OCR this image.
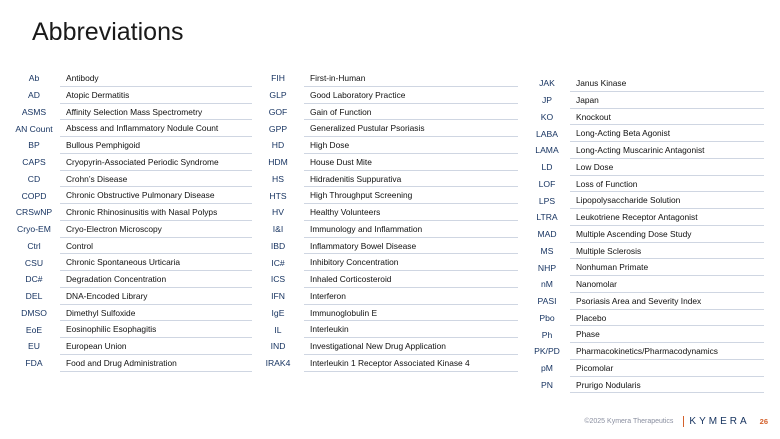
Abbreviations
Ab	Antibody
AD	Atopic Dermatitis
ASMS	Affinity Selection Mass Spectrometry
AN Count	Abscess and Inflammatory Nodule Count
BP	Bullous Pemphigoid
CAPS	Cryopyrin-Associated Periodic Syndrome
CD	Crohn’s Disease
COPD	Chronic Obstructive Pulmonary Disease
CRSwNP	Chronic Rhinosinusitis with Nasal Polyps
Cryo-EM	Cryo-Electron Microscopy
Ctrl	Control
CSU	Chronic Spontaneous Urticaria
DC#	Degradation Concentration
DEL	DNA-Encoded Library
DMSO	Dimethyl Sulfoxide
EoE	Eosinophilic Esophagitis
EU	European Union
FDA	Food and Drug Administration
FIH	First-in-Human
GLP	Good Laboratory Practice
GOF	Gain of Function
GPP	Generalized Pustular Psoriasis
HD	High Dose
HDM	House Dust Mite
HS	Hidradenitis Suppurativa
HTS	High Throughput Screening
HV	Healthy Volunteers
I&I	Immunology and Inflammation
IBD	Inflammatory Bowel Disease
IC#	Inhibitory Concentration
ICS	Inhaled Corticosteroid
IFN	Interferon
IgE	Immunoglobulin E
IL	Interleukin
IND	Investigational New Drug Application
IRAK4	Interleukin 1 Receptor Associated Kinase 4
JAK	Janus Kinase
JP	Japan
KO	Knockout
LABA	Long-Acting Beta Agonist
LAMA	Long-Acting Muscarinic Antagonist
LD	Low Dose
LOF	Loss of Function
LPS	Lipopolysaccharide Solution
LTRA	Leukotriene Receptor Antagonist
MAD	Multiple Ascending Dose Study
MS	Multiple Sclerosis
NHP	Nonhuman Primate
nM	Nanomolar
PASI	Psoriasis Area and Severity Index
Pbo	Placebo
Ph	Phase
PK/PD	Pharmacokinetics/Pharmacodynamics
pM	Picomolar
PN	Prurigo Nodularis
©2025 Kymera Therapeutics KYMERA 26
